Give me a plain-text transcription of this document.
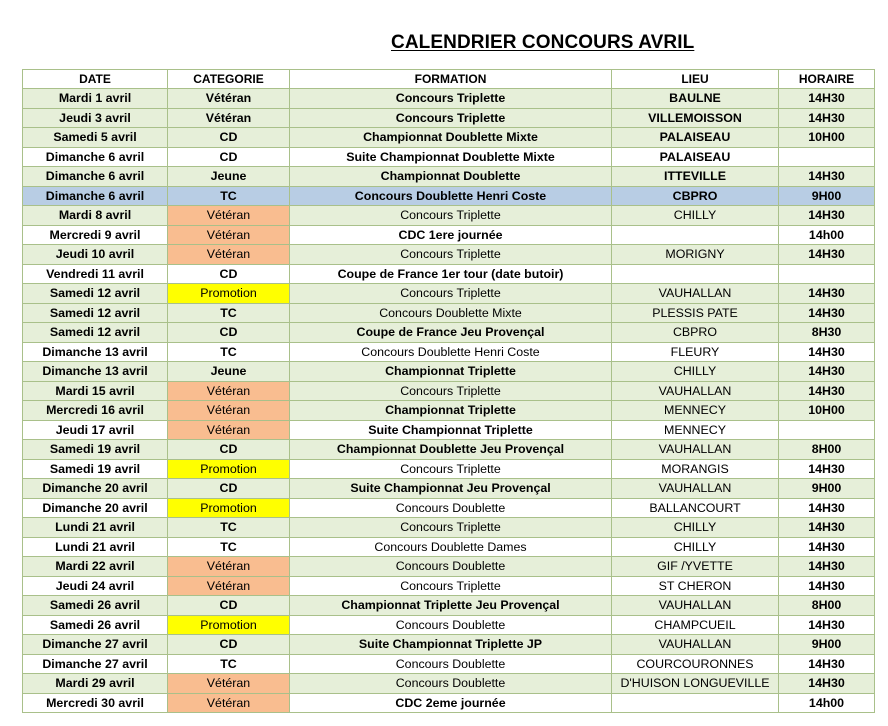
CALENDRIER CONCOURS AVRIL
DATE	CATEGORIE	FORMATION	LIEU	HORAIRE
Mardi 1 avril	Vétéran	Concours Triplette	BAULNE	14H30
Jeudi 3 avril	Vétéran	Concours Triplette	VILLEMOISSON	14H30
Samedi 5 avril	CD	Championnat Doublette Mixte	PALAISEAU	10H00
Dimanche 6 avril	CD	Suite Championnat Doublette Mixte	PALAISEAU	
Dimanche 6 avril	Jeune	Championnat Doublette	ITTEVILLE	14H30
Dimanche 6 avril	TC	Concours Doublette Henri Coste	CBPRO	9H00
Mardi 8 avril	Vétéran	Concours Triplette	CHILLY	14H30
Mercredi 9 avril	Vétéran	CDC 1ere journée		14h00
Jeudi 10 avril	Vétéran	Concours Triplette	MORIGNY	14H30
Vendredi 11 avril	CD	Coupe de France 1er tour (date butoir)		
Samedi 12 avril	Promotion	Concours Triplette	VAUHALLAN	14H30
Samedi 12 avril	TC	Concours Doublette Mixte	PLESSIS PATE	14H30
Samedi 12 avril	CD	Coupe de France Jeu Provençal	CBPRO	8H30
Dimanche 13 avril	TC	Concours Doublette Henri Coste	FLEURY	14H30
Dimanche 13 avril	Jeune	Championnat Triplette	CHILLY	14H30
Mardi 15 avril	Vétéran	Concours Triplette	VAUHALLAN	14H30
Mercredi 16 avril	Vétéran	Championnat Triplette	MENNECY	10H00
Jeudi 17 avril	Vétéran	Suite Championnat Triplette	MENNECY	
Samedi 19 avril	CD	Championnat Doublette Jeu Provençal	VAUHALLAN	8H00
Samedi 19 avril	Promotion	Concours Triplette	MORANGIS	14H30
Dimanche 20 avril	CD	Suite Championnat Jeu Provençal	VAUHALLAN	9H00
Dimanche 20 avril	Promotion	Concours Doublette	BALLANCOURT	14H30
Lundi 21 avril	TC	Concours Triplette	CHILLY	14H30
Lundi 21 avril	TC	Concours Doublette Dames	CHILLY	14H30
Mardi 22 avril	Vétéran	Concours Doublette	GIF /YVETTE	14H30
Jeudi 24 avril	Vétéran	Concours Triplette	ST CHERON	14H30
Samedi 26 avril	CD	Championnat Triplette Jeu Provençal	VAUHALLAN	8H00
Samedi 26 avril	Promotion	Concours Doublette	CHAMPCUEIL	14H30
Dimanche 27 avril	CD	Suite Championnat Triplette JP	VAUHALLAN	9H00
Dimanche 27 avril	TC	Concours Doublette	COURCOURONNES	14H30
Mardi 29 avril	Vétéran	Concours Doublette	D'HUISON LONGUEVILLE	14H30
Mercredi 30 avril	Vétéran	CDC 2eme journée		14h00
